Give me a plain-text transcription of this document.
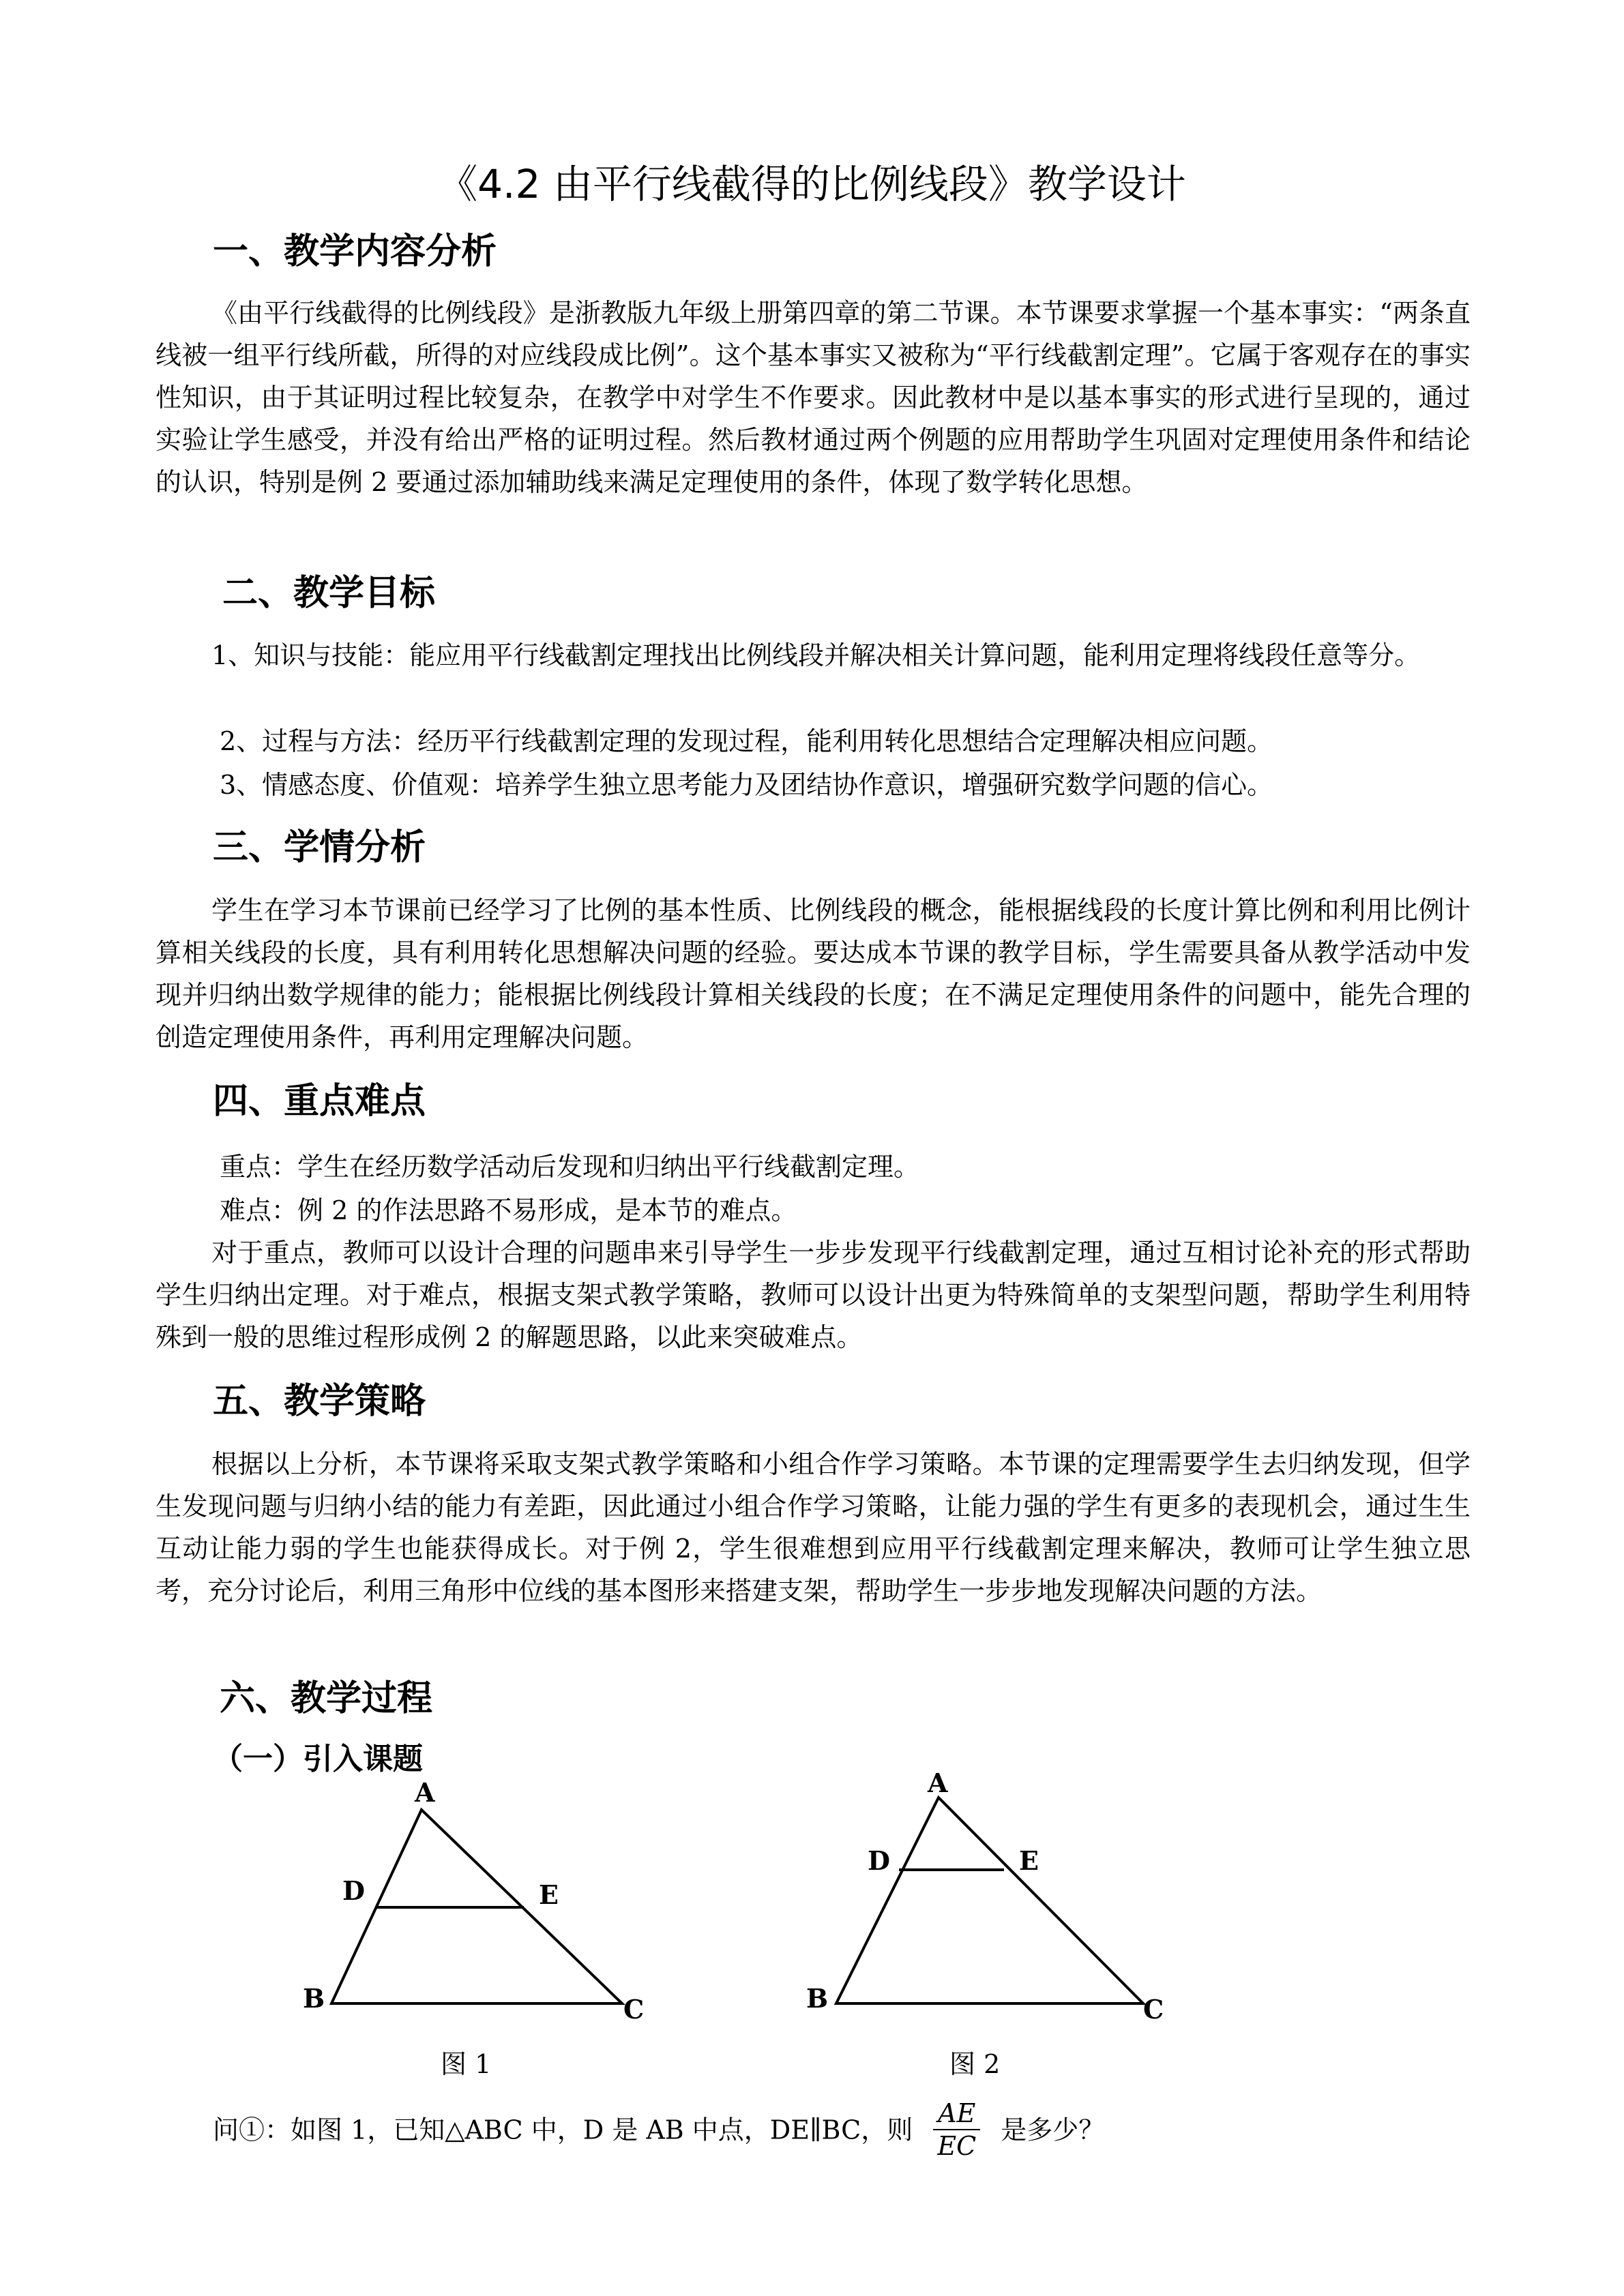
《4.2 由平行线截得的比例线段》教学设计
一、教学内容分析
《由平行线截得的比例线段》是浙教版九年级上册第四章的第二节课。本节课要求掌握一个基本事实：“两条直线被一组平行线所截，所得的对应线段成比例”。这个基本事实又被称为“平行线截割定理”。它属于客观存在的事实性知识，由于其证明过程比较复杂，在教学中对学生不作要求。因此教材中是以基本事实的形式进行呈现的，通过实验让学生感受，并没有给出严格的证明过程。然后教材通过两个例题的应用帮助学生巩固对定理使用条件和结论的认识，特别是例 2 要通过添加辅助线来满足定理使用的条件，体现了数学转化思想。
二、教学目标
1、知识与技能：能应用平行线截割定理找出比例线段并解决相关计算问题，能利用定理将线段任意等分。
2、过程与方法：经历平行线截割定理的发现过程，能利用转化思想结合定理解决相应问题。
3、情感态度、价值观：培养学生独立思考能力及团结协作意识，增强研究数学问题的信心。
三、学情分析
学生在学习本节课前已经学习了比例的基本性质、比例线段的概念，能根据线段的长度计算比例和利用比例计算相关线段的长度，具有利用转化思想解决问题的经验。要达成本节课的教学目标，学生需要具备从教学活动中发现并归纳出数学规律的能力；能根据比例线段计算相关线段的长度；在不满足定理使用条件的问题中，能先合理的创造定理使用条件，再利用定理解决问题。
四、重点难点
重点：学生在经历数学活动后发现和归纳出平行线截割定理。
难点：例 2 的作法思路不易形成，是本节的难点。
对于重点，教师可以设计合理的问题串来引导学生一步步发现平行线截割定理，通过互相讨论补充的形式帮助学生归纳出定理。对于难点，根据支架式教学策略，教师可以设计出更为特殊简单的支架型问题，帮助学生利用特殊到一般的思维过程形成例 2 的解题思路，以此来突破难点。
五、教学策略
根据以上分析，本节课将采取支架式教学策略和小组合作学习策略。本节课的定理需要学生去归纳发现，但学生发现问题与归纳小结的能力有差距，因此通过小组合作学习策略，让能力强的学生有更多的表现机会，通过生生互动让能力弱的学生也能获得成长。对于例 2，学生很难想到应用平行线截割定理来解决，教师可让学生独立思考，充分讨论后，利用三角形中位线的基本图形来搭建支架，帮助学生一步步地发现解决问题的方法。
六、教学过程
（一）引入课题
A
D	E
B	C
A
D	E
B	C
图 1	图 2
问①：如图 1，已知△ABC 中，D 是 AB 中点，DE∥BC，则 $\frac{AE}{EC}$ 是多少？
